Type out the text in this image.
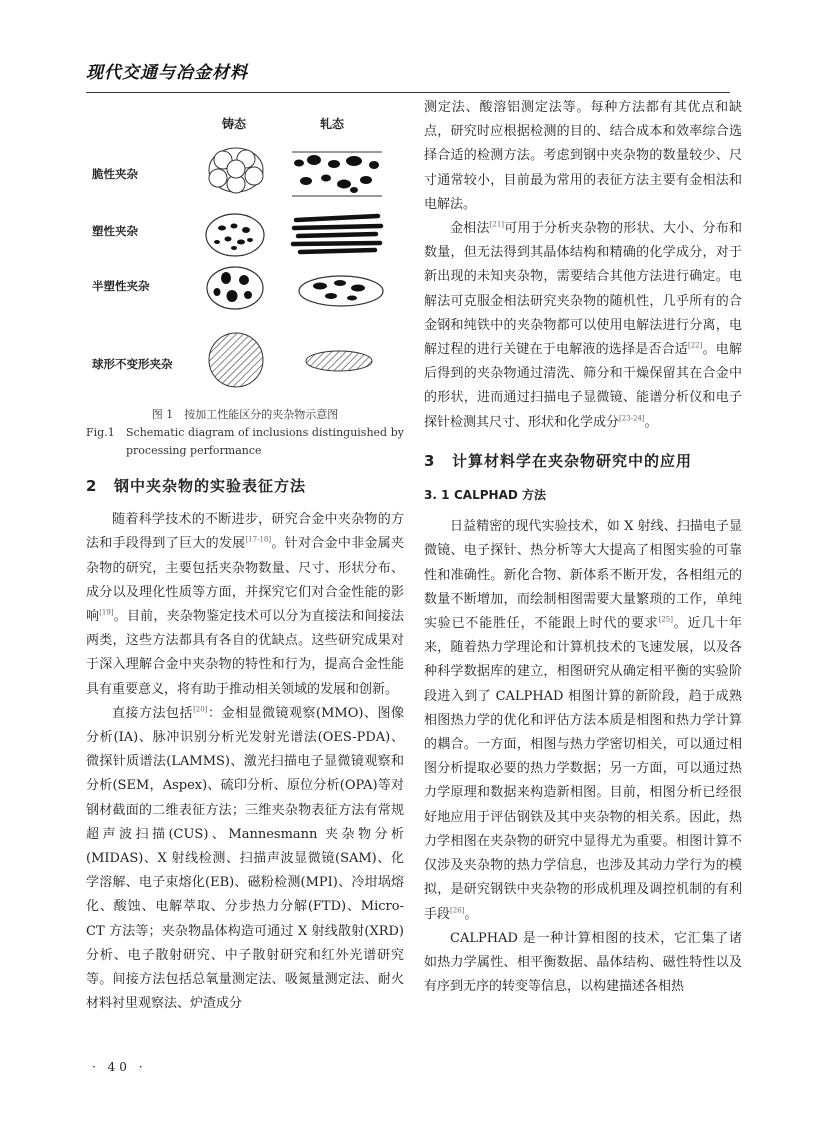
现代交通与冶金材料
铸态	轧态
脆性夹杂
塑性夹杂
半塑性夹杂
球形不变形夹杂
图 1　按加工性能区分的夹杂物示意图
Fig.1	Schematic diagram of inclusions distinguished by processing performance
2 钢中夹杂物的实验表征方法

随着科学技术的不断进步，研究合金中夹杂物的方法和手段得到了巨大的发展[17-18]。针对合金中非金属夹杂物的研究，主要包括夹杂物数量、尺寸、形状分布、成分以及理化性质等方面，并探究它们对合金性能的影响[19]。目前，夹杂物鉴定技术可以分为直接法和间接法两类，这些方法都具有各自的优缺点。这些研究成果对于深入理解合金中夹杂物的特性和行为，提高合金性能具有重要意义，将有助于推动相关领域的发展和创新。

直接方法包括[20]：金相显微镜观察(MMO)、图像分析(IA)、脉冲识别分析光发射光谱法(OES-PDA)、微探针质谱法(LAMMS)、激光扫描电子显微镜观察和分析(SEM，Aspex)、硫印分析、原位分析(OPA)等对钢材截面的二维表征方法；三维夹杂物表征方法有常规超声波扫描(CUS)、Mannesmann 夹杂物分析(MIDAS)、X 射线检测、扫描声波显微镜(SAM)、化学溶解、电子束熔化(EB)、磁粉检测(MPI)、冷坩埚熔化、酸蚀、电解萃取、分步热力分解(FTD)、Micro-CT 方法等；夹杂物晶体构造可通过 X 射线散射(XRD)分析、电子散射研究、中子散射研究和红外光谱研究等。间接方法包括总氧量测定法、吸氮量测定法、耐火材料衬里观察法、炉渣成分

测定法、酸溶铝测定法等。每种方法都有其优点和缺点，研究时应根据检测的目的、结合成本和效率综合选择合适的检测方法。考虑到钢中夹杂物的数量较少、尺寸通常较小，目前最为常用的表征方法主要有金相法和电解法。

金相法[21]可用于分析夹杂物的形状、大小、分布和数量，但无法得到其晶体结构和精确的化学成分，对于新出现的未知夹杂物，需要结合其他方法进行确定。电解法可克服金相法研究夹杂物的随机性，几乎所有的合金钢和纯铁中的夹杂物都可以使用电解法进行分离，电解过程的进行关键在于电解液的选择是否合适[22]。电解后得到的夹杂物通过清洗、筛分和干燥保留其在合金中的形状，进而通过扫描电子显微镜、能谱分析仪和电子探针检测其尺寸、形状和化学成分[23-24]。

3 计算材料学在夹杂物研究中的应用
3. 1 CALPHAD 方法

日益精密的现代实验技术，如 X 射线、扫描电子显微镜、电子探针、热分析等大大提高了相图实验的可靠性和准确性。新化合物、新体系不断开发，各相组元的数量不断增加，而绘制相图需要大量繁琐的工作，单纯实验已不能胜任，不能跟上时代的要求[25]。近几十年来，随着热力学理论和计算机技术的飞速发展，以及各种科学数据库的建立，相图研究从确定相平衡的实验阶段进入到了 CALPHAD 相图计算的新阶段，趋于成熟相图热力学的优化和评估方法本质是相图和热力学计算的耦合。一方面，相图与热力学密切相关，可以通过相图分析提取必要的热力学数据；另一方面，可以通过热力学原理和数据来构造新相图。目前，相图分析已经很好地应用于评估钢铁及其中夹杂物的相关系。因此，热力学相图在夹杂物的研究中显得尤为重要。相图计算不仅涉及夹杂物的热力学信息，也涉及其动力学行为的模拟，是研究钢铁中夹杂物的形成机理及调控机制的有利手段[26]。

CALPHAD 是一种计算相图的技术，它汇集了诸如热力学属性、相平衡数据、晶体结构、磁性特性以及有序到无序的转变等信息，以构建描述各相热

· 40 ·
